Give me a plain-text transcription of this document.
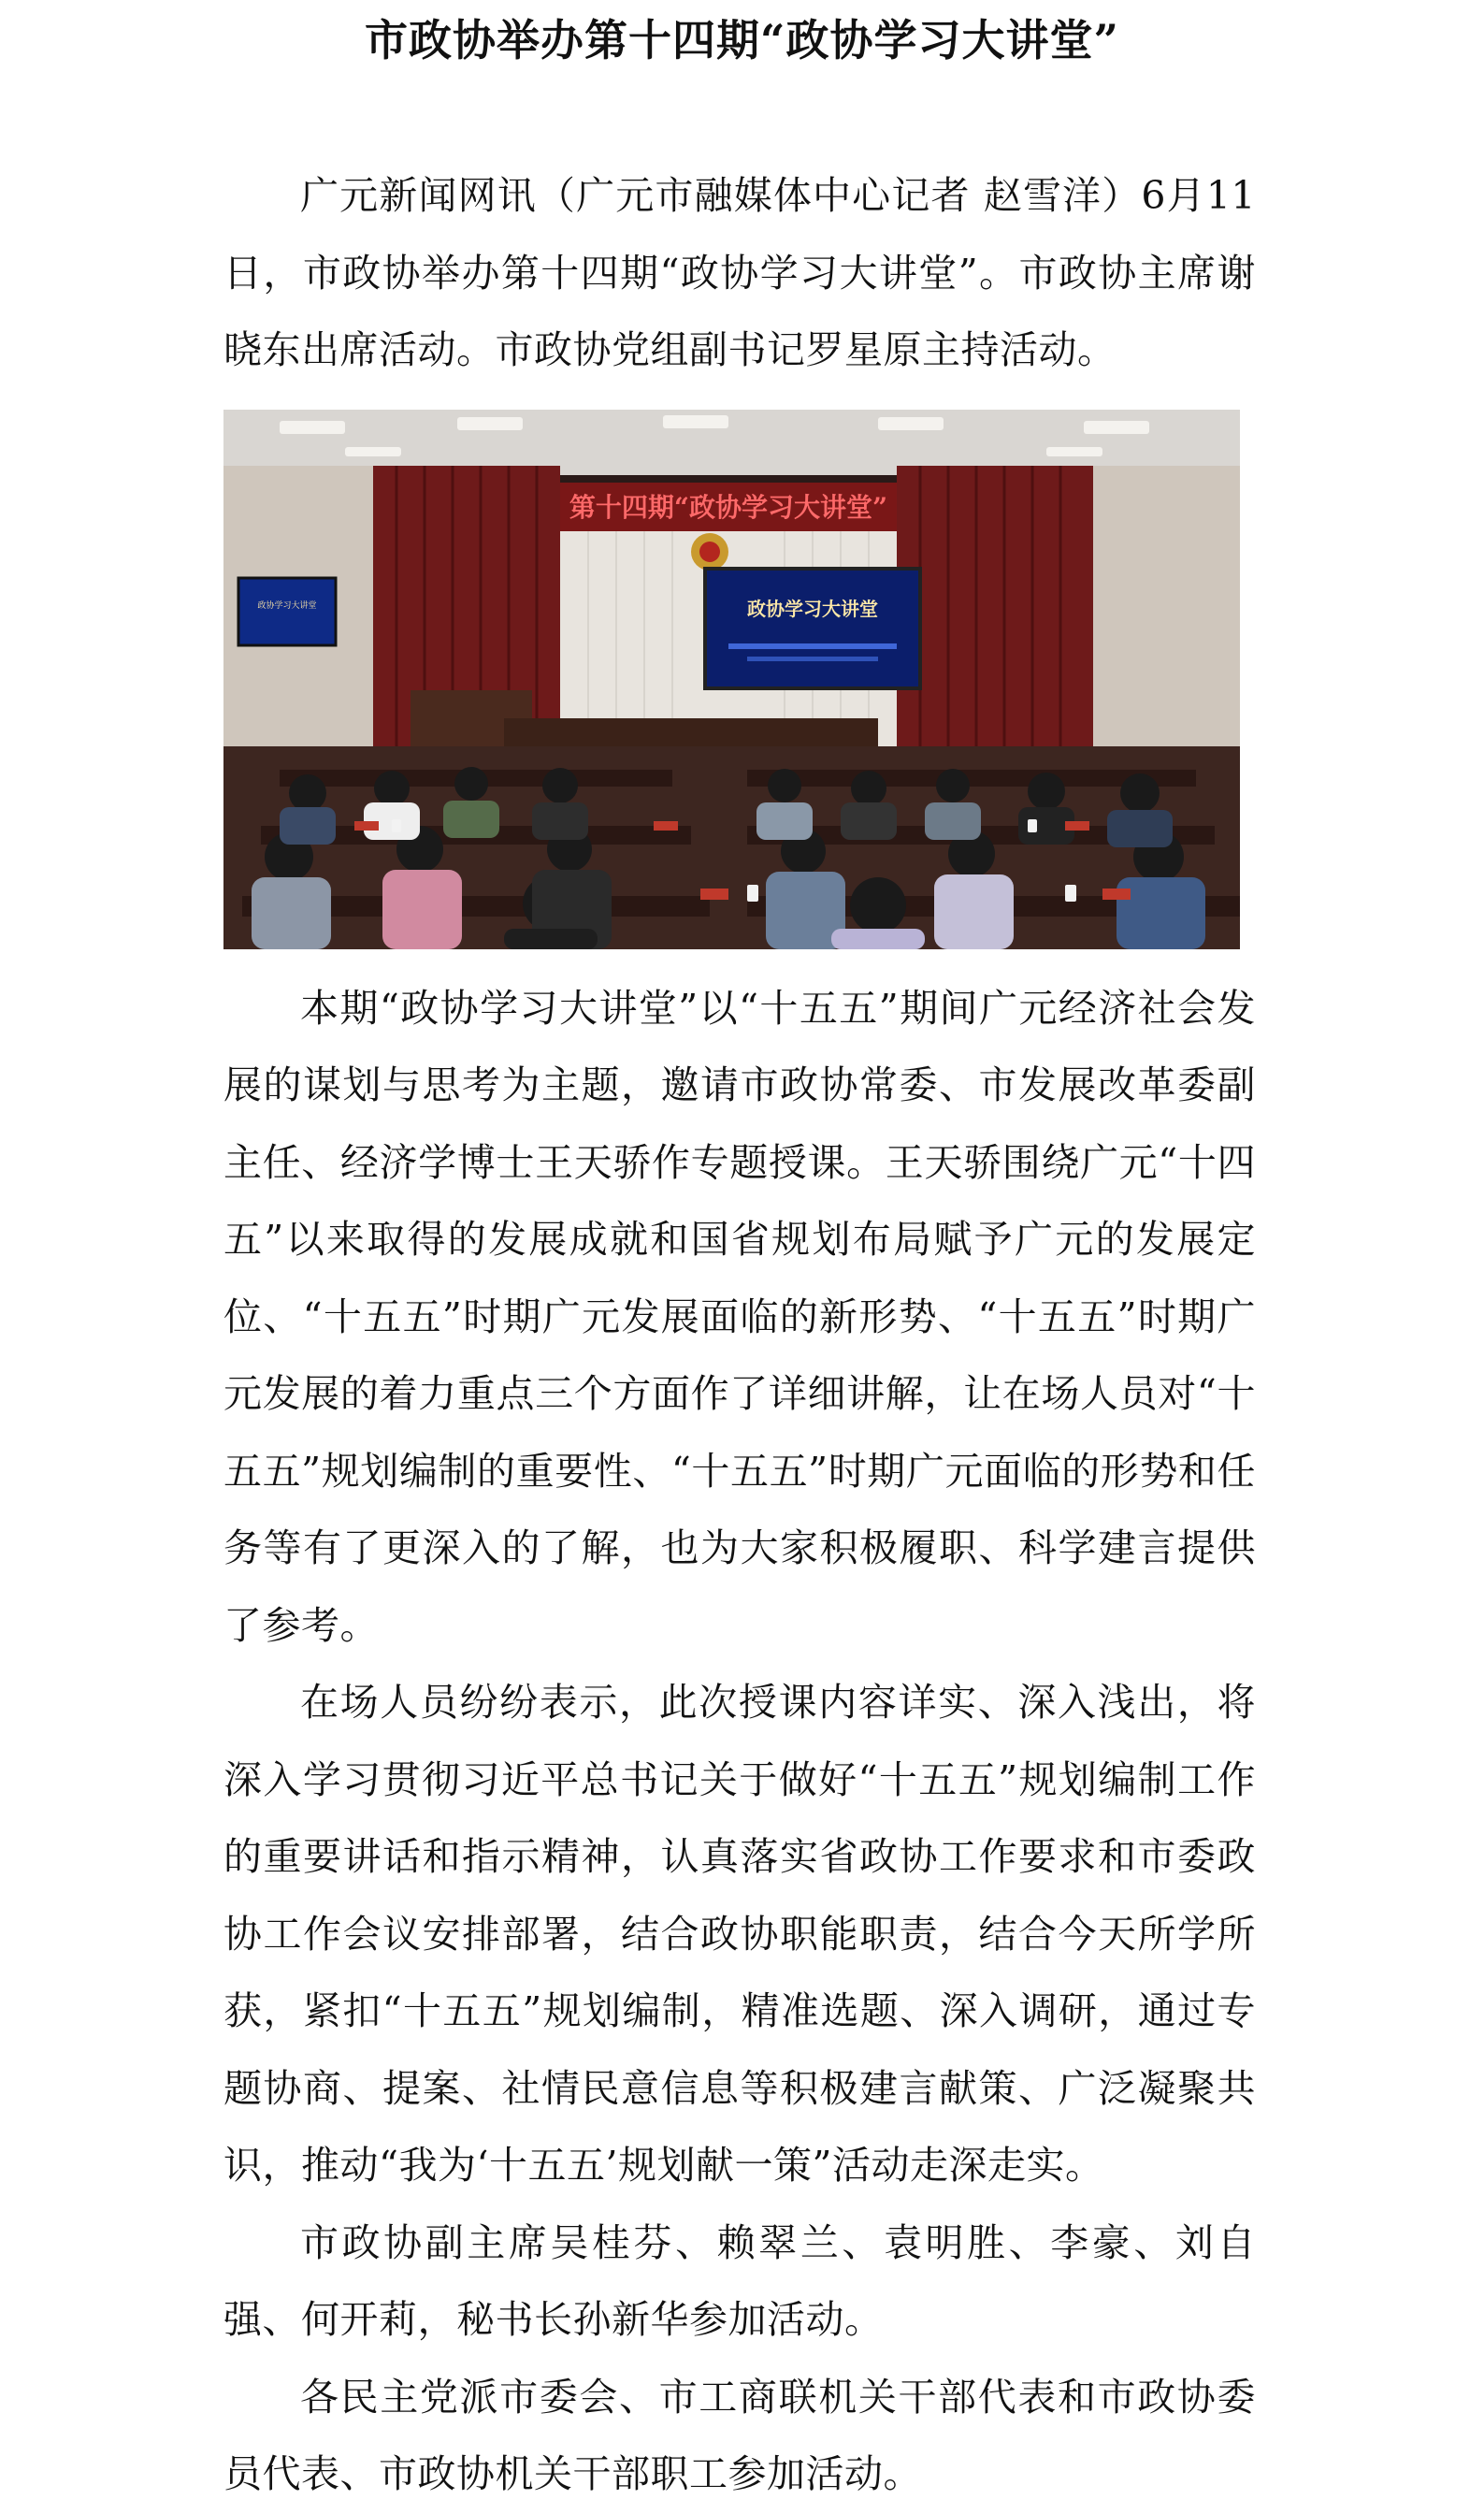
市政协举办第十四期“政协学习大讲堂”

广元新闻网讯（广元市融媒体中心记者 赵雪洋）6月11日，市政协举办第十四期“政协学习大讲堂”。市政协主席谢晓东出席活动。市政协党组副书记罗星原主持活动。

第十四期“政协学习大讲堂”
政协学习大讲堂
政协学习大讲堂

本期“政协学习大讲堂”以“十五五”期间广元经济社会发展的谋划与思考为主题，邀请市政协常委、市发展改革委副主任、经济学博士王天骄作专题授课。王天骄围绕广元“十四五”以来取得的发展成就和国省规划布局赋予广元的发展定位、“十五五”时期广元发展面临的新形势、“十五五”时期广元发展的着力重点三个方面作了详细讲解，让在场人员对“十五五”规划编制的重要性、“十五五”时期广元面临的形势和任务等有了更深入的了解，也为大家积极履职、科学建言提供了参考。

在场人员纷纷表示，此次授课内容详实、深入浅出，将深入学习贯彻习近平总书记关于做好“十五五”规划编制工作的重要讲话和指示精神，认真落实省政协工作要求和市委政协工作会议安排部署，结合政协职能职责，结合今天所学所获，紧扣“十五五”规划编制，精准选题、深入调研，通过专题协商、提案、社情民意信息等积极建言献策、广泛凝聚共识，推动“我为‘十五五’规划献一策”活动走深走实。

市政协副主席吴桂芬、赖翠兰、袁明胜、李豪、刘自强、何开莉，秘书长孙新华参加活动。

各民主党派市委会、市工商联机关干部代表和市政协委员代表、市政协机关干部职工参加活动。
